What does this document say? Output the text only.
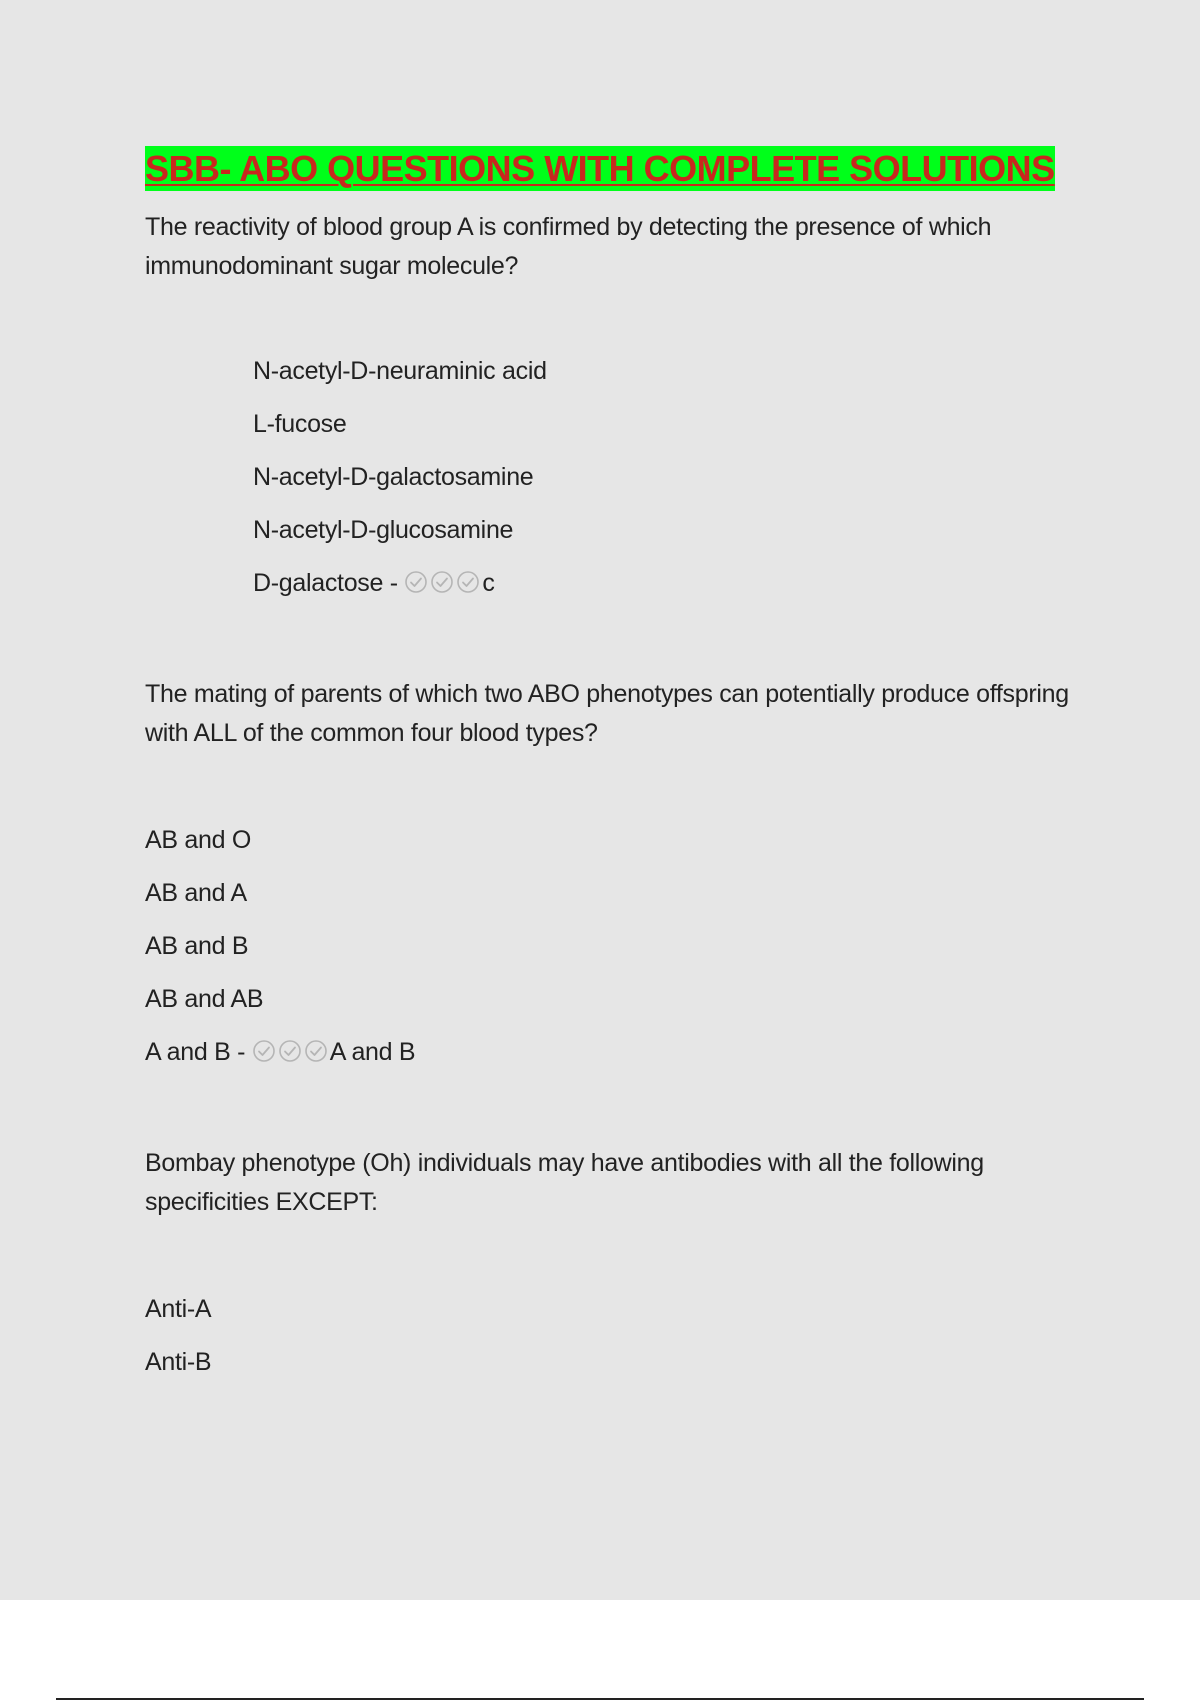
SBB- ABO QUESTIONS WITH COMPLETE SOLUTIONS

The reactivity of blood group A is confirmed by detecting the presence of which immunodominant sugar molecule?

N-acetyl-D-neuraminic acid
L-fucose
N-acetyl-D-galactosamine
N-acetyl-D-glucosamine
D-galactose -	c

The mating of parents of which two ABO phenotypes can potentially produce offspring with ALL of the common four blood types?

AB and O
AB and A
AB and B
AB and AB
A and B -	A and B

Bombay phenotype (Oh) individuals may have antibodies with all the following specificities EXCEPT:

Anti-A
Anti-B
